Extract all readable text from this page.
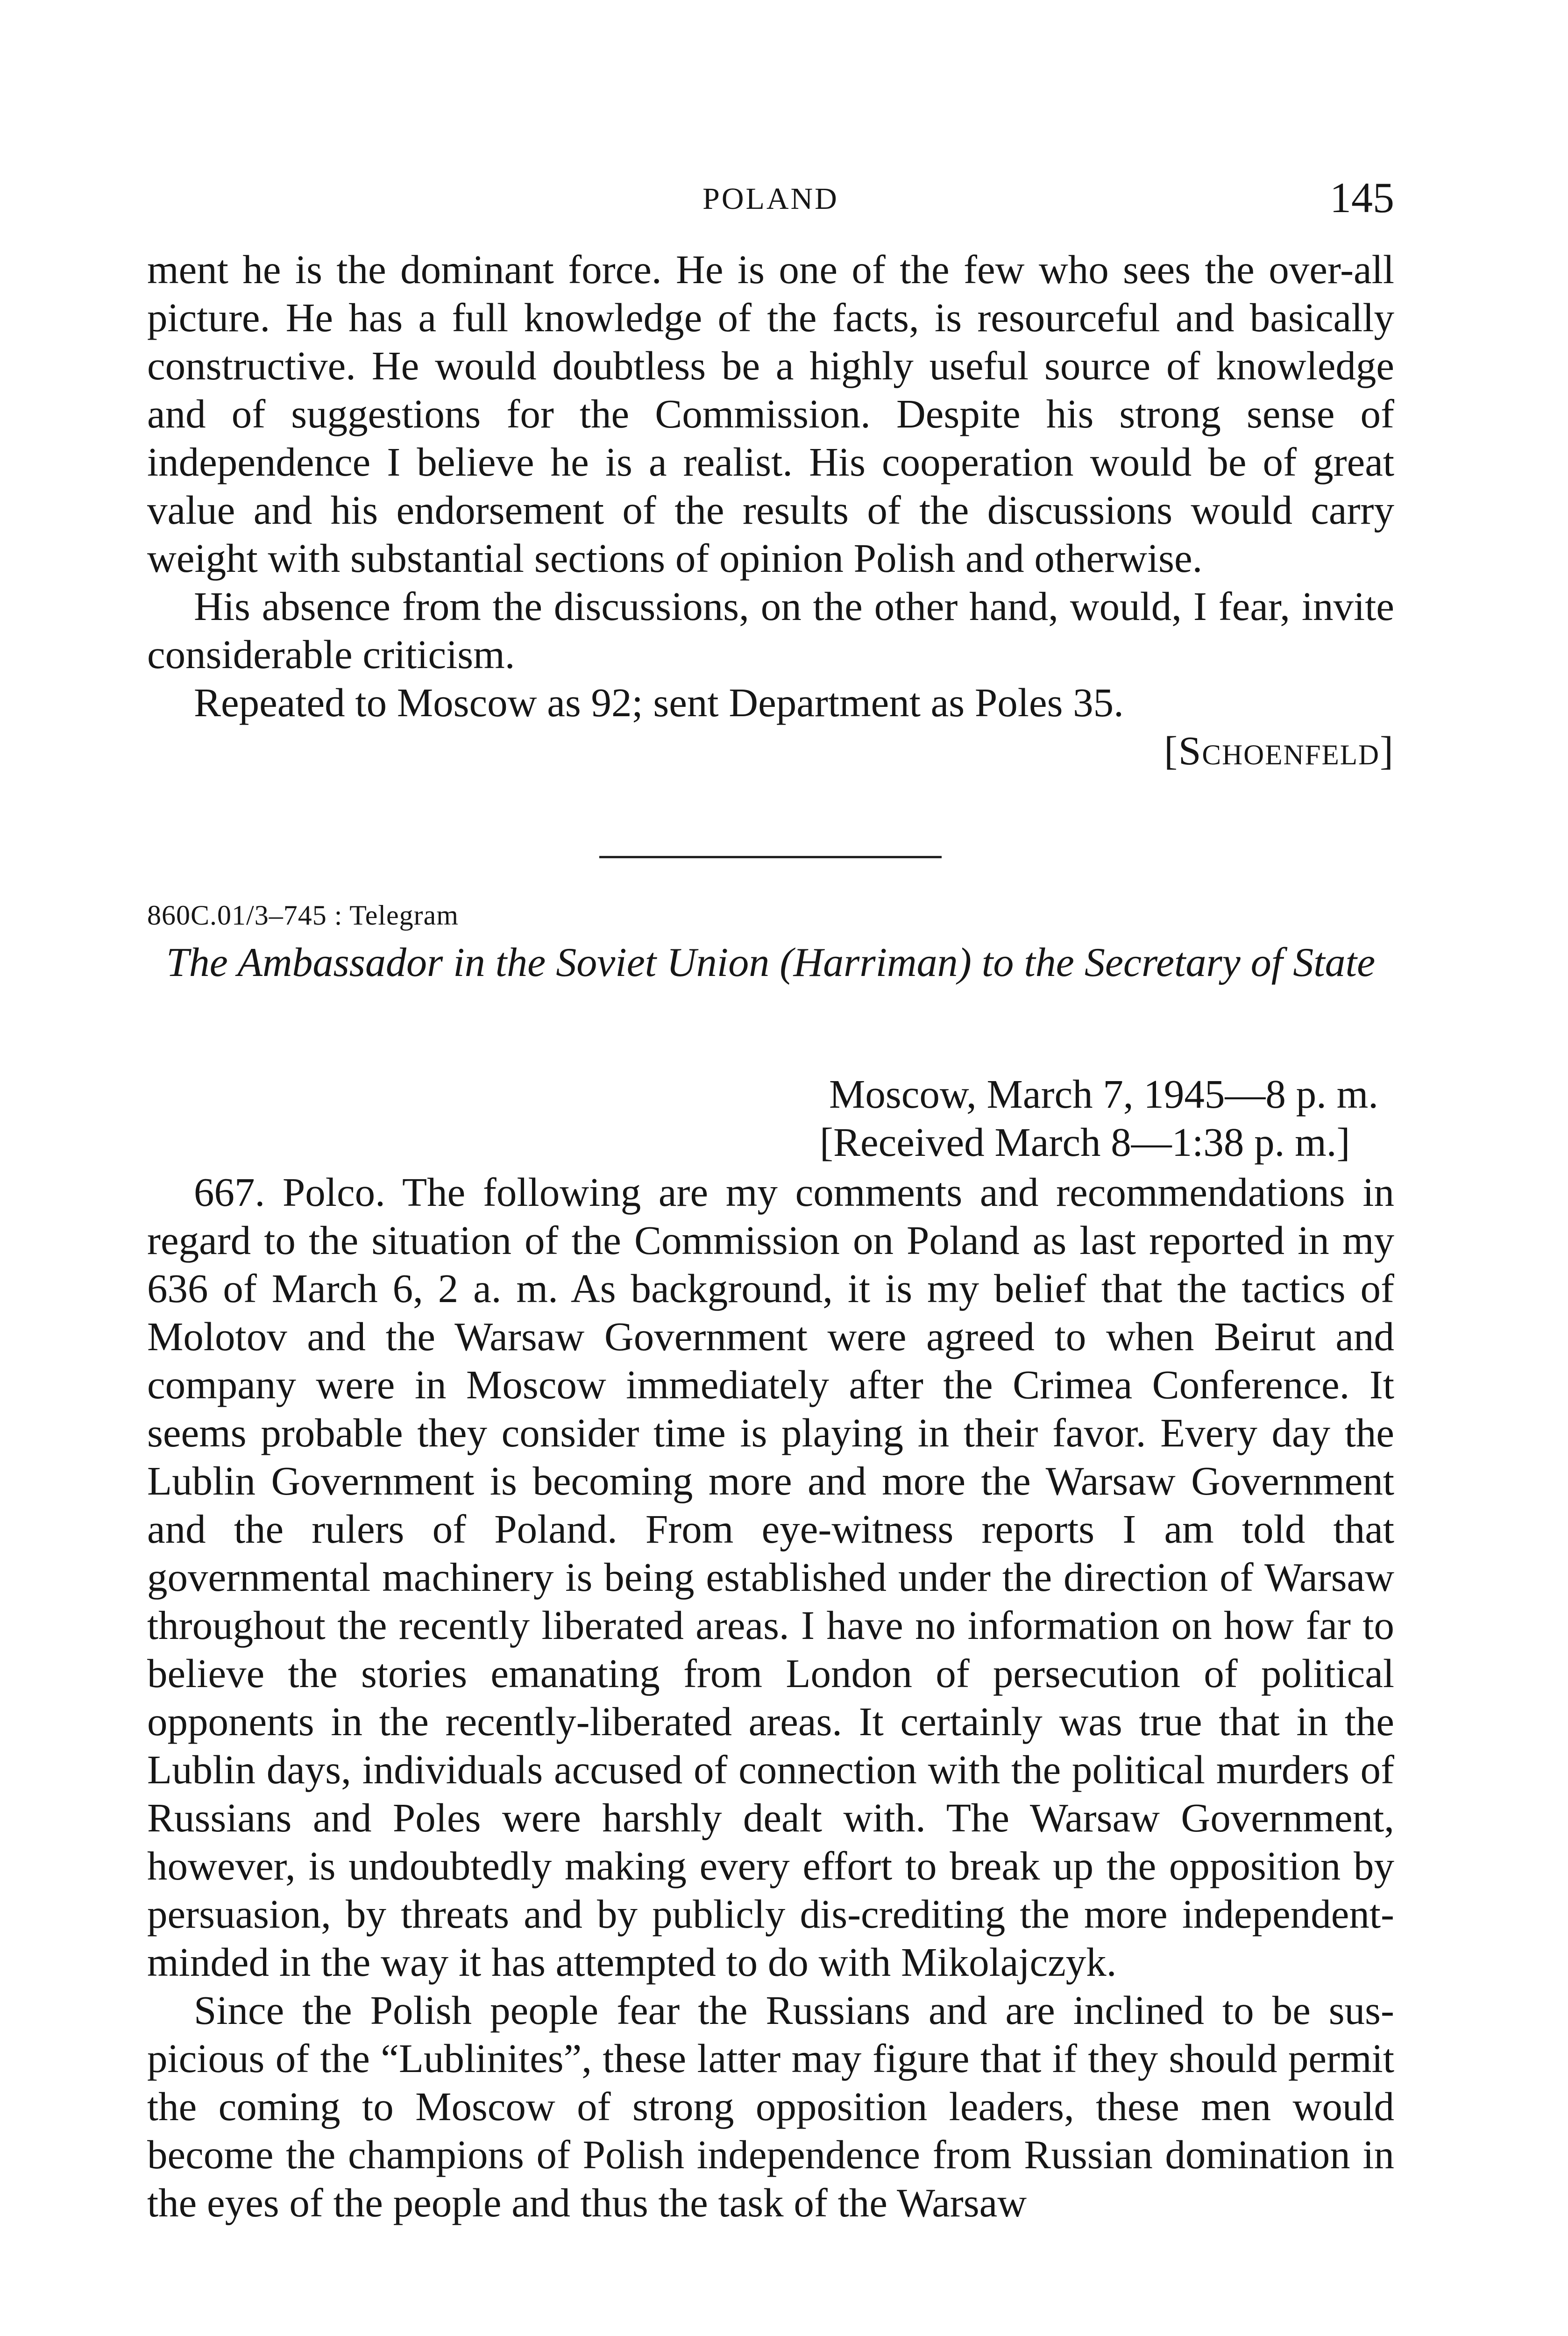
POLAND	145

ment he is the dominant force. He is one of the few who sees the over-all picture. He has a full knowledge of the facts, is resourceful and basically constructive. He would doubtless be a highly useful source of knowledge and of suggestions for the Commission. Despite his strong sense of independence I believe he is a realist. His cooperation would be of great value and his endorsement of the results of the discussions would carry weight with substantial sections of opinion Polish and otherwise.

His absence from the discussions, on the other hand, would, I fear, invite considerable criticism.

Repeated to Moscow as 92; sent Department as Poles 35.

[Schoenfeld]

860C.01/3–745 : Telegram
The Ambassador in the Soviet Union (Harriman) to the Secretary of State
Moscow, March 7, 1945—8 p. m.
[Received March 8—1:38 p. m.]

667. Polco. The following are my comments and recommendations in regard to the situation of the Commission on Poland as last reported in my 636 of March 6, 2 a. m. As background, it is my belief that the tactics of Molotov and the Warsaw Government were agreed to when Beirut and company were in Moscow immediately after the Crimea Conference. It seems probable they consider time is playing in their favor. Every day the Lublin Government is becoming more and more the Warsaw Government and the rulers of Poland. From eye-witness reports I am told that governmental machinery is being established under the direction of Warsaw throughout the recently liberated areas. I have no information on how far to believe the stories emanating from London of persecution of political opponents in the recently-liberated areas. It certainly was true that in the Lublin days, individuals accused of connection with the political murders of Russians and Poles were harshly dealt with. The Warsaw Government, however, is undoubtedly making every effort to break up the opposition by persuasion, by threats and by publicly dis-crediting the more independent-minded in the way it has attempted to do with Mikolajczyk.

Since the Polish people fear the Russians and are inclined to be sus-picious of the “Lublinites”, these latter may figure that if they should permit the coming to Moscow of strong opposition leaders, these men would become the champions of Polish independence from Russian domination in the eyes of the people and thus the task of the Warsaw
